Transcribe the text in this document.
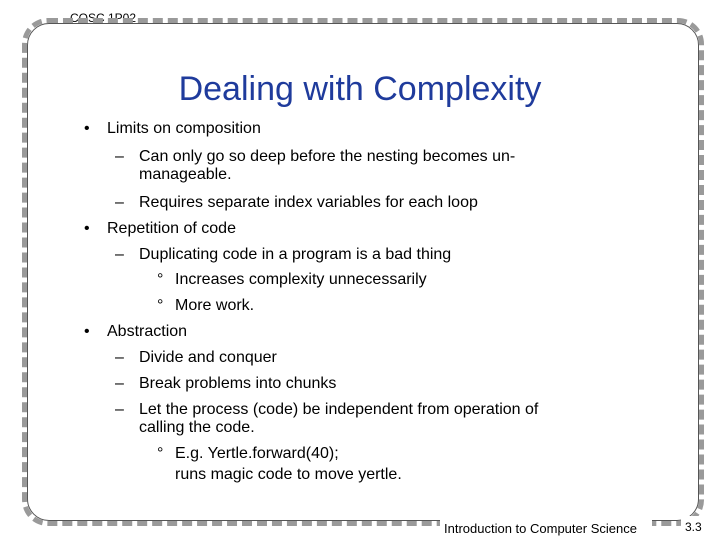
COSC 1P02
Dealing with Complexity
• Limits on composition
– Can only go so deep before the nesting becomes un-
manageable.
– Requires separate index variables for each loop
• Repetition of code
– Duplicating code in a program is a bad thing
° Increases complexity unnecessarily
° More work.
• Abstraction
– Divide and conquer
– Break problems into chunks
– Let the process (code) be independent from operation of
calling the code.
° E.g. Yertle.forward(40);
runs magic code to move yertle.
Introduction to Computer Science	3.3
